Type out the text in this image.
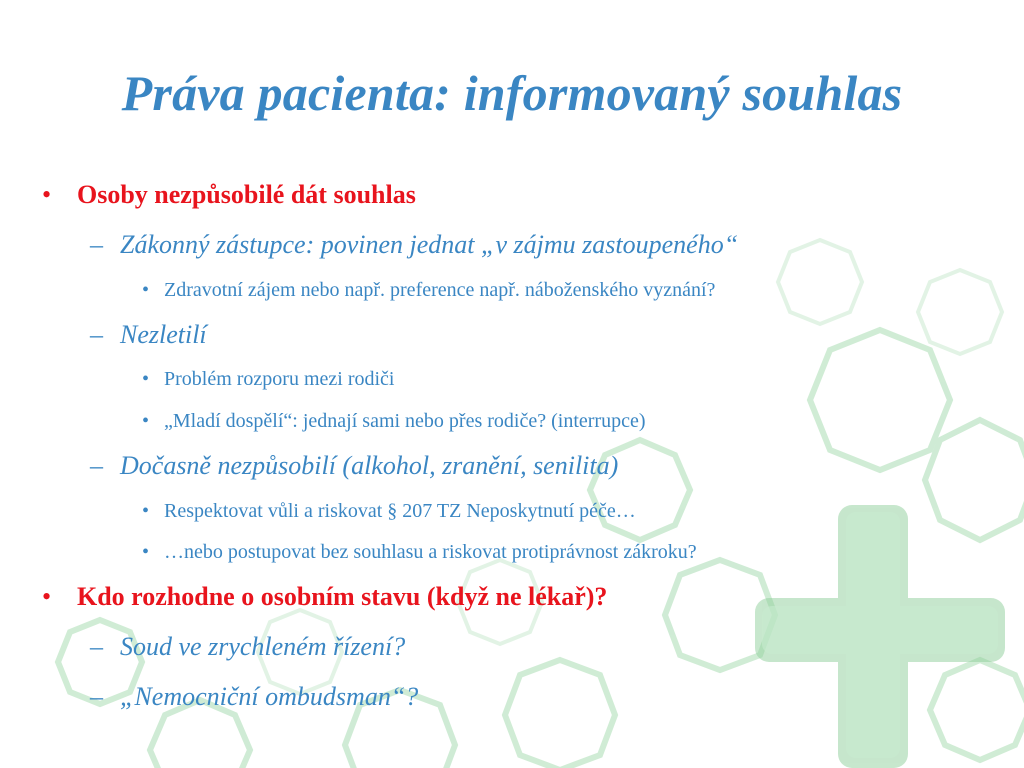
Práva pacienta: informovaný souhlas
• Osoby nezpůsobilé dát souhlas
– Zákonný zástupce: povinen jednat „v zájmu zastoupeného“
• Zdravotní zájem nebo např. preference např. náboženského vyznání?
– Nezletilí
• Problém rozporu mezi rodiči
• „Mladí dospělí“: jednají sami nebo přes rodiče? (interrupce)
– Dočasně nezpůsobilí (alkohol, zranění, senilita)
• Respektovat vůli a riskovat § 207 TZ Neposkytnutí péče…
• …nebo postupovat bez souhlasu a riskovat protiprávnost zákroku?
• Kdo rozhodne o osobním stavu (když ne lékař)?
– Soud ve zrychleném řízení?
– „Nemocniční ombudsman“?
